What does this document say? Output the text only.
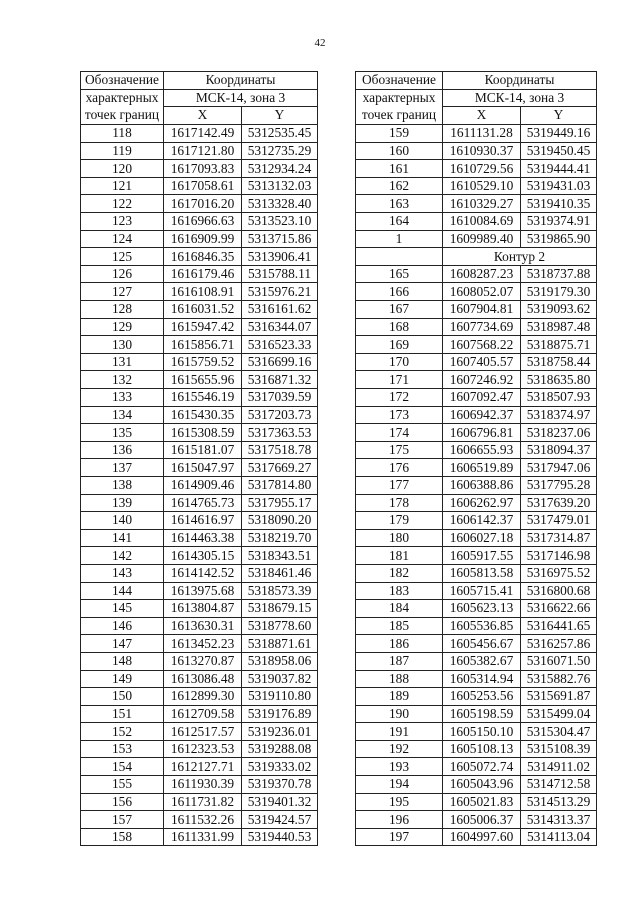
42
Обозначение	Координаты	
характерных	МСК-14, зона 3	
точек границ	X	Y
118	1617142.49	5312535.45
119	1617121.80	5312735.29
120	1617093.83	5312934.24
121	1617058.61	5313132.03
122	1617016.20	5313328.40
123	1616966.63	5313523.10
124	1616909.99	5313715.86
125	1616846.35	5313906.41
126	1616179.46	5315788.11
127	1616108.91	5315976.21
128	1616031.52	5316161.62
129	1615947.42	5316344.07
130	1615856.71	5316523.33
131	1615759.52	5316699.16
132	1615655.96	5316871.32
133	1615546.19	5317039.59
134	1615430.35	5317203.73
135	1615308.59	5317363.53
136	1615181.07	5317518.78
137	1615047.97	5317669.27
138	1614909.46	5317814.80
139	1614765.73	5317955.17
140	1614616.97	5318090.20
141	1614463.38	5318219.70
142	1614305.15	5318343.51
143	1614142.52	5318461.46
144	1613975.68	5318573.39
145	1613804.87	5318679.15
146	1613630.31	5318778.60
147	1613452.23	5318871.61
148	1613270.87	5318958.06
149	1613086.48	5319037.82
150	1612899.30	5319110.80
151	1612709.58	5319176.89
152	1612517.57	5319236.01
153	1612323.53	5319288.08
154	1612127.71	5319333.02
155	1611930.39	5319370.78
156	1611731.82	5319401.32
157	1611532.26	5319424.57
158	1611331.99	5319440.53
Обозначение	Координаты	
характерных	МСК-14, зона 3	
точек границ	X	Y
159	1611131.28	5319449.16
160	1610930.37	5319450.45
161	1610729.56	5319444.41
162	1610529.10	5319431.03
163	1610329.27	5319410.35
164	1610084.69	5319374.91
1	1609989.40	5319865.90
	Контур 2	
165	1608287.23	5318737.88
166	1608052.07	5319179.30
167	1607904.81	5319093.62
168	1607734.69	5318987.48
169	1607568.22	5318875.71
170	1607405.57	5318758.44
171	1607246.92	5318635.80
172	1607092.47	5318507.93
173	1606942.37	5318374.97
174	1606796.81	5318237.06
175	1606655.93	5318094.37
176	1606519.89	5317947.06
177	1606388.86	5317795.28
178	1606262.97	5317639.20
179	1606142.37	5317479.01
180	1606027.18	5317314.87
181	1605917.55	5317146.98
182	1605813.58	5316975.52
183	1605715.41	5316800.68
184	1605623.13	5316622.66
185	1605536.85	5316441.65
186	1605456.67	5316257.86
187	1605382.67	5316071.50
188	1605314.94	5315882.76
189	1605253.56	5315691.87
190	1605198.59	5315499.04
191	1605150.10	5315304.47
192	1605108.13	5315108.39
193	1605072.74	5314911.02
194	1605043.96	5314712.58
195	1605021.83	5314513.29
196	1605006.37	5314313.37
197	1604997.60	5314113.04
